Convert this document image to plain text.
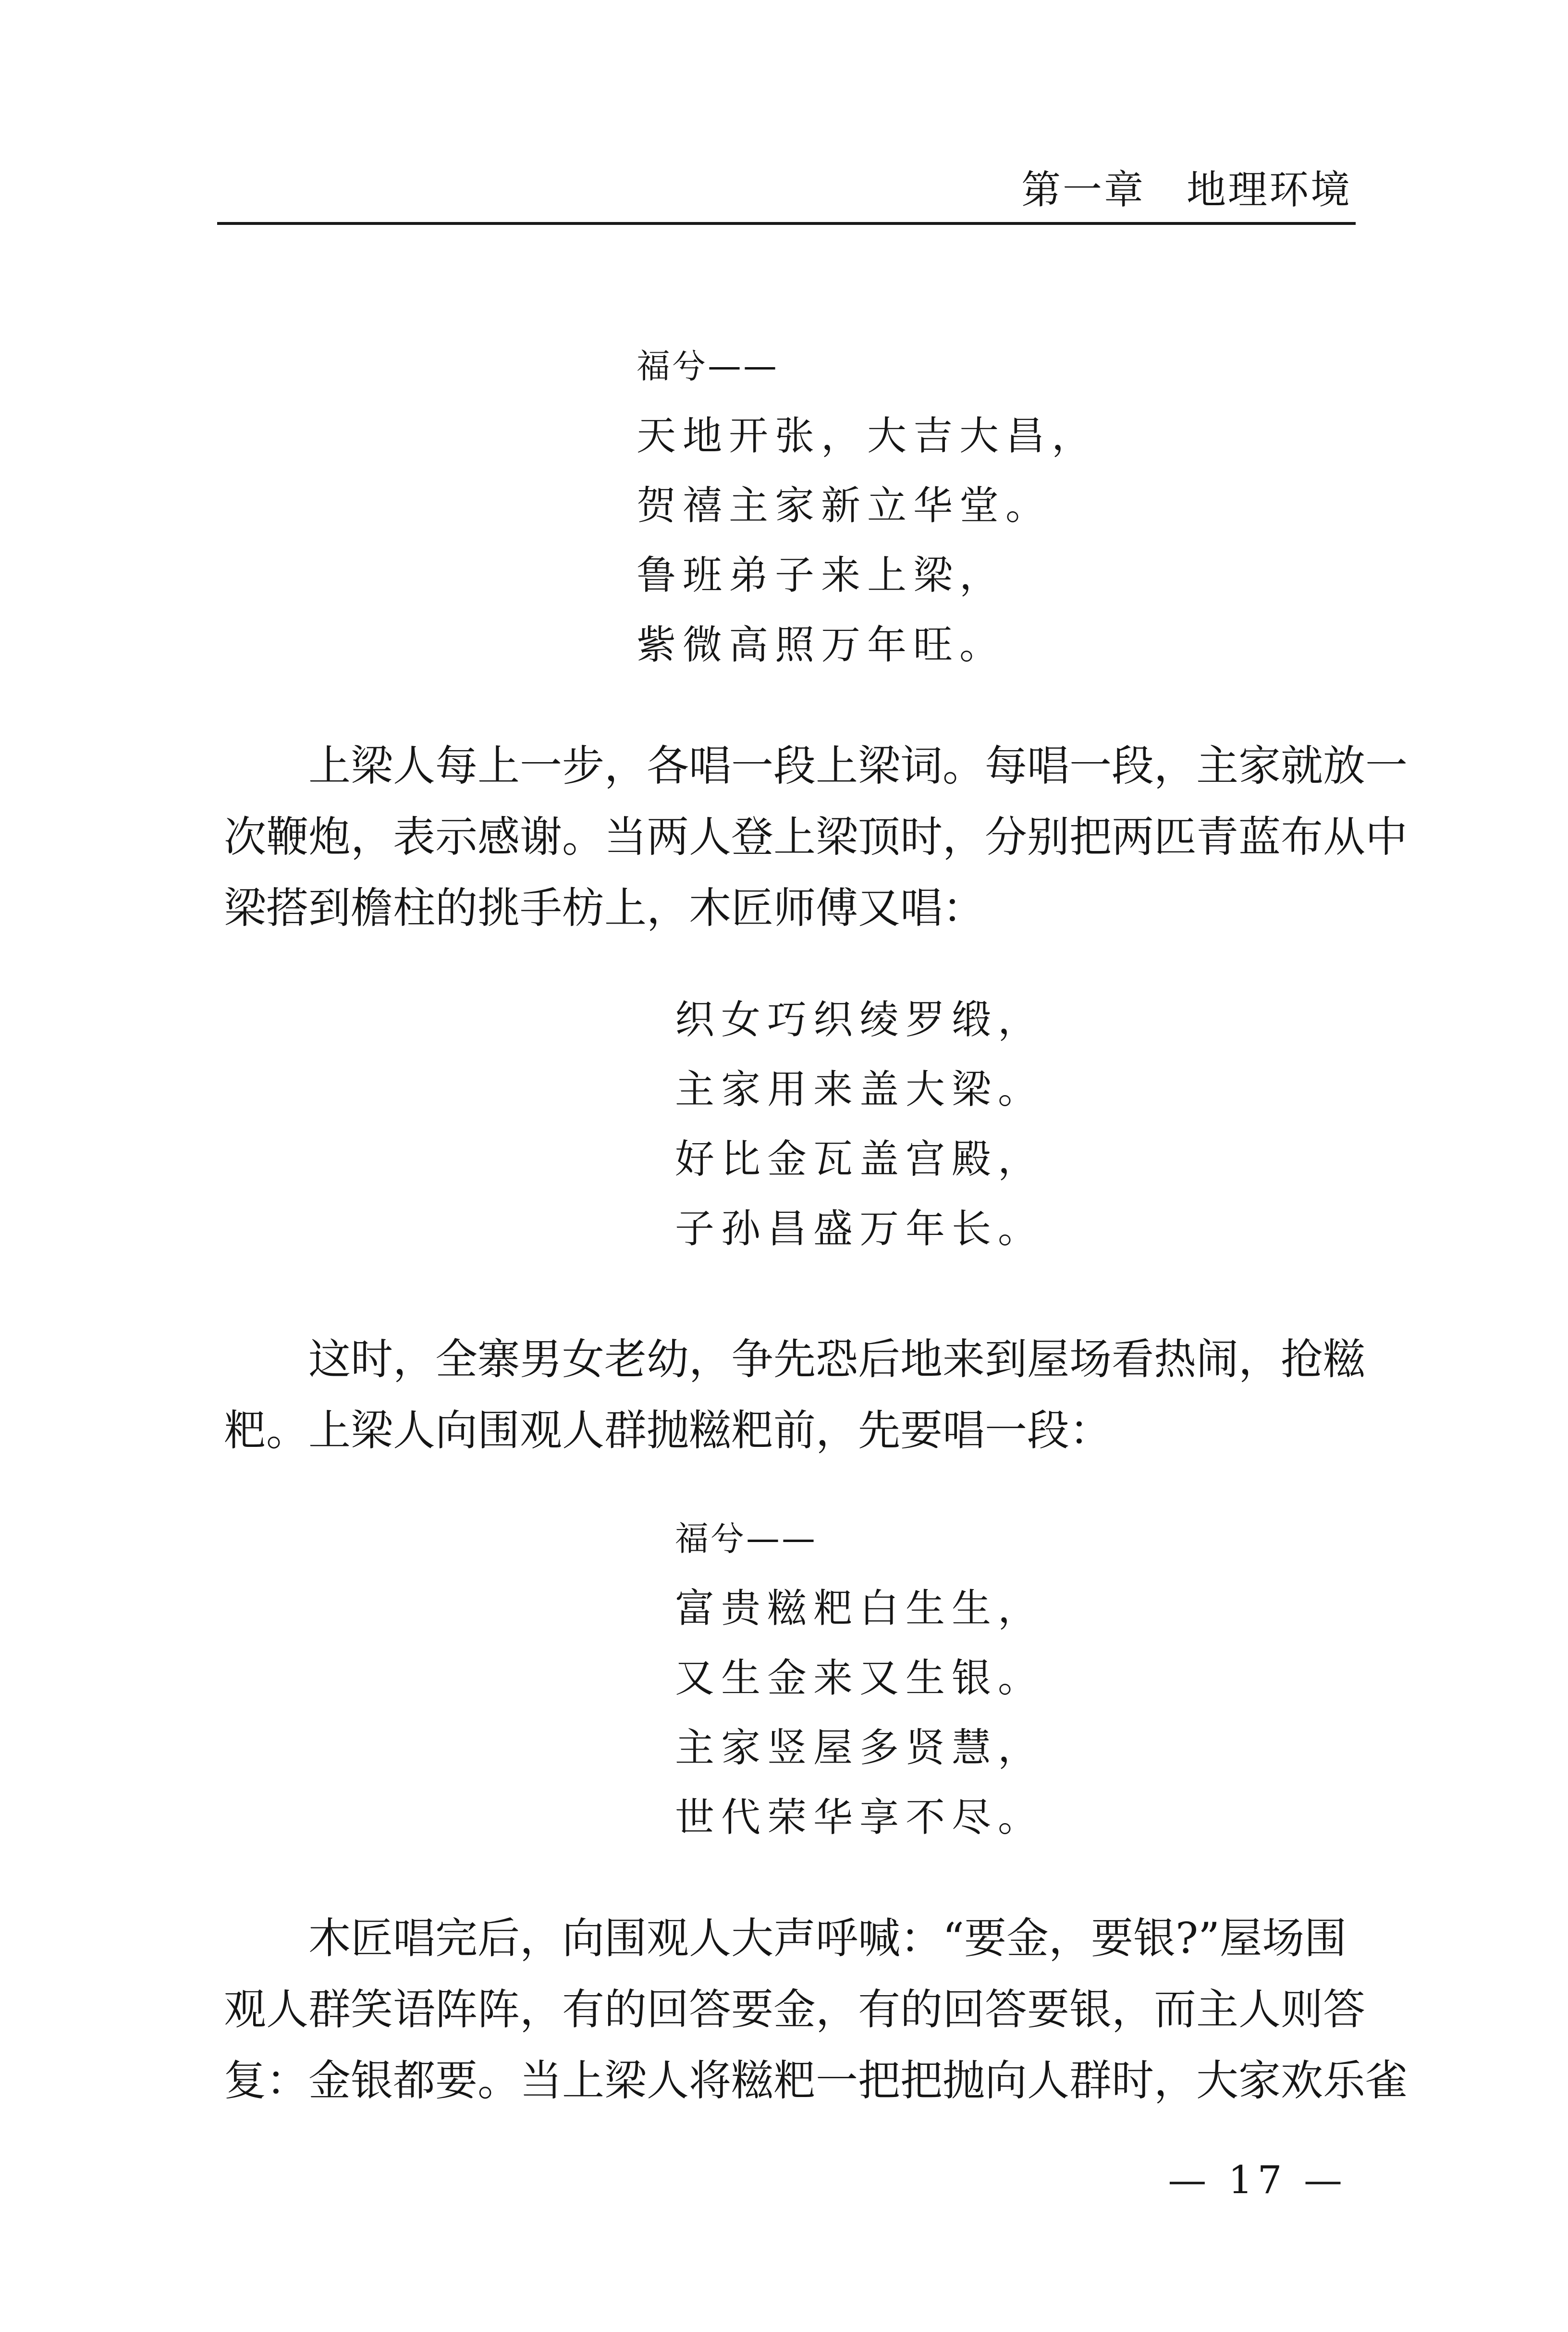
第一章　地理环境
福兮——
天地开张，大吉大昌，
贺禧主家新立华堂。
鲁班弟子来上梁，
紫微高照万年旺。
　　上梁人每上一步，各唱一段上梁词。每唱一段，主家就放一
次鞭炮，表示感谢。当两人登上梁顶时，分别把两匹青蓝布从中
梁搭到檐柱的挑手枋上，木匠师傅又唱：
织女巧织绫罗缎，
主家用来盖大梁。
好比金瓦盖宫殿，
子孙昌盛万年长。
　　这时，全寨男女老幼，争先恐后地来到屋场看热闹，抢糍
粑。上梁人向围观人群抛糍粑前，先要唱一段：
福兮——
富贵糍粑白生生，
又生金来又生银。
主家竖屋多贤慧，
世代荣华享不尽。
　　木匠唱完后，向围观人大声呼喊：“要金，要银?”屋场围
观人群笑语阵阵，有的回答要金，有的回答要银，而主人则答
复：金银都要。当上梁人将糍粑一把把抛向人群时，大家欢乐雀
— 17 —
